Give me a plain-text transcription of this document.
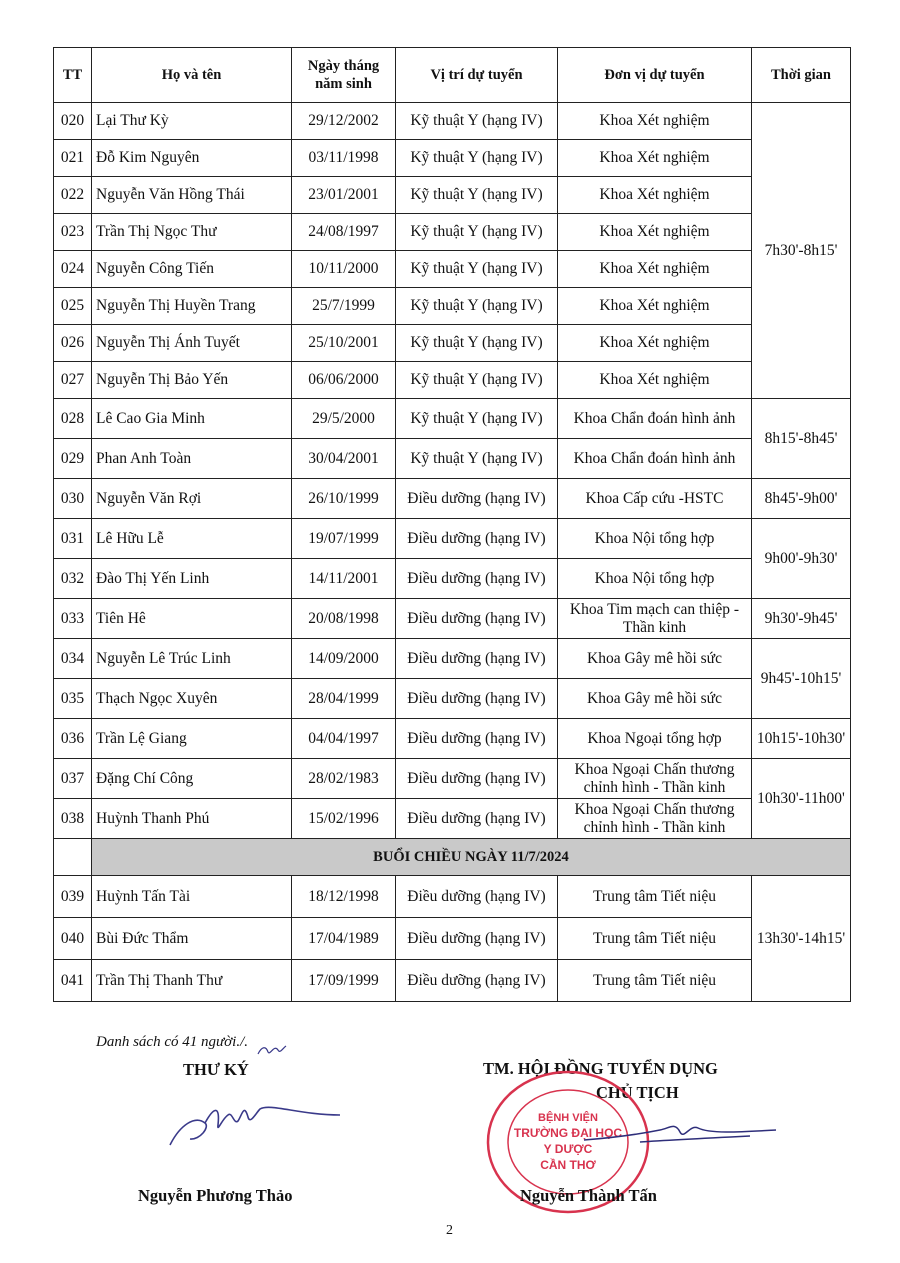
TT	Họ và tên	Ngày tháng năm sinh	Vị trí dự tuyển	Đơn vị dự tuyển	Thời gian
020	Lại Thư Kỳ	29/12/2002	Kỹ thuật Y (hạng IV)	Khoa Xét nghiệm	7h30'-8h15'
021	Đỗ Kim Nguyên	03/11/1998	Kỹ thuật Y (hạng IV)	Khoa Xét nghiệm	
022	Nguyễn Văn Hồng Thái	23/01/2001	Kỹ thuật Y (hạng IV)	Khoa Xét nghiệm	
023	Trần Thị Ngọc Thư	24/08/1997	Kỹ thuật Y (hạng IV)	Khoa Xét nghiệm	
024	Nguyễn Công Tiến	10/11/2000	Kỹ thuật Y (hạng IV)	Khoa Xét nghiệm	
025	Nguyễn Thị Huyền Trang	25/7/1999	Kỹ thuật Y (hạng IV)	Khoa Xét nghiệm	
026	Nguyễn Thị Ánh Tuyết	25/10/2001	Kỹ thuật Y (hạng IV)	Khoa Xét nghiệm	
027	Nguyễn Thị Bảo Yến	06/06/2000	Kỹ thuật Y (hạng IV)	Khoa Xét nghiệm	
028	Lê Cao Gia Minh	29/5/2000	Kỹ thuật Y (hạng IV)	Khoa Chẩn đoán hình ảnh	8h15'-8h45'
029	Phan Anh Toàn	30/04/2001	Kỹ thuật Y (hạng IV)	Khoa Chẩn đoán hình ảnh	
030	Nguyễn Văn Rợi	26/10/1999	Điều dưỡng (hạng IV)	Khoa Cấp cứu -HSTC	8h45'-9h00'
031	Lê Hữu Lễ	19/07/1999	Điều dưỡng (hạng IV)	Khoa Nội tổng hợp	9h00'-9h30'
032	Đào Thị Yến Linh	14/11/2001	Điều dưỡng (hạng IV)	Khoa Nội tổng hợp	
033	Tiên Hê	20/08/1998	Điều dưỡng (hạng IV)	Khoa Tim mạch can thiệp - Thần kinh	9h30'-9h45'
034	Nguyễn Lê Trúc Linh	14/09/2000	Điều dưỡng (hạng IV)	Khoa Gây mê hồi sức	9h45'-10h15'
035	Thạch Ngọc Xuyên	28/04/1999	Điều dưỡng (hạng IV)	Khoa Gây mê hồi sức	
036	Trần Lệ Giang	04/04/1997	Điều dưỡng (hạng IV)	Khoa Ngoại tổng hợp	10h15'-10h30'
037	Đặng Chí Công	28/02/1983	Điều dưỡng (hạng IV)	Khoa Ngoại Chấn thương chỉnh hình - Thần kinh	10h30'-11h00'
038	Huỳnh Thanh Phú	15/02/1996	Điều dưỡng (hạng IV)	Khoa Ngoại Chấn thương chỉnh hình - Thần kinh	
	BUỔI CHIỀU NGÀY 11/7/2024				
039	Huỳnh Tấn Tài	18/12/1998	Điều dưỡng (hạng IV)	Trung tâm Tiết niệu	13h30'-14h15'
040	Bùi Đức Thẩm	17/04/1989	Điều dưỡng (hạng IV)	Trung tâm Tiết niệu	
041	Trần Thị Thanh Thư	17/09/1999	Điều dưỡng (hạng IV)	Trung tâm Tiết niệu	
Danh sách có 41 người./.
THƯ KÝ
Nguyễn Phương Thảo
TM. HỘI ĐỒNG TUYỂN DỤNG
CHỦ TỊCH
BỆNH VIỆN
TRƯỜNG ĐẠI HỌC
Y DƯỢC
CẦN THƠ
Nguyễn Thành Tấn
2
